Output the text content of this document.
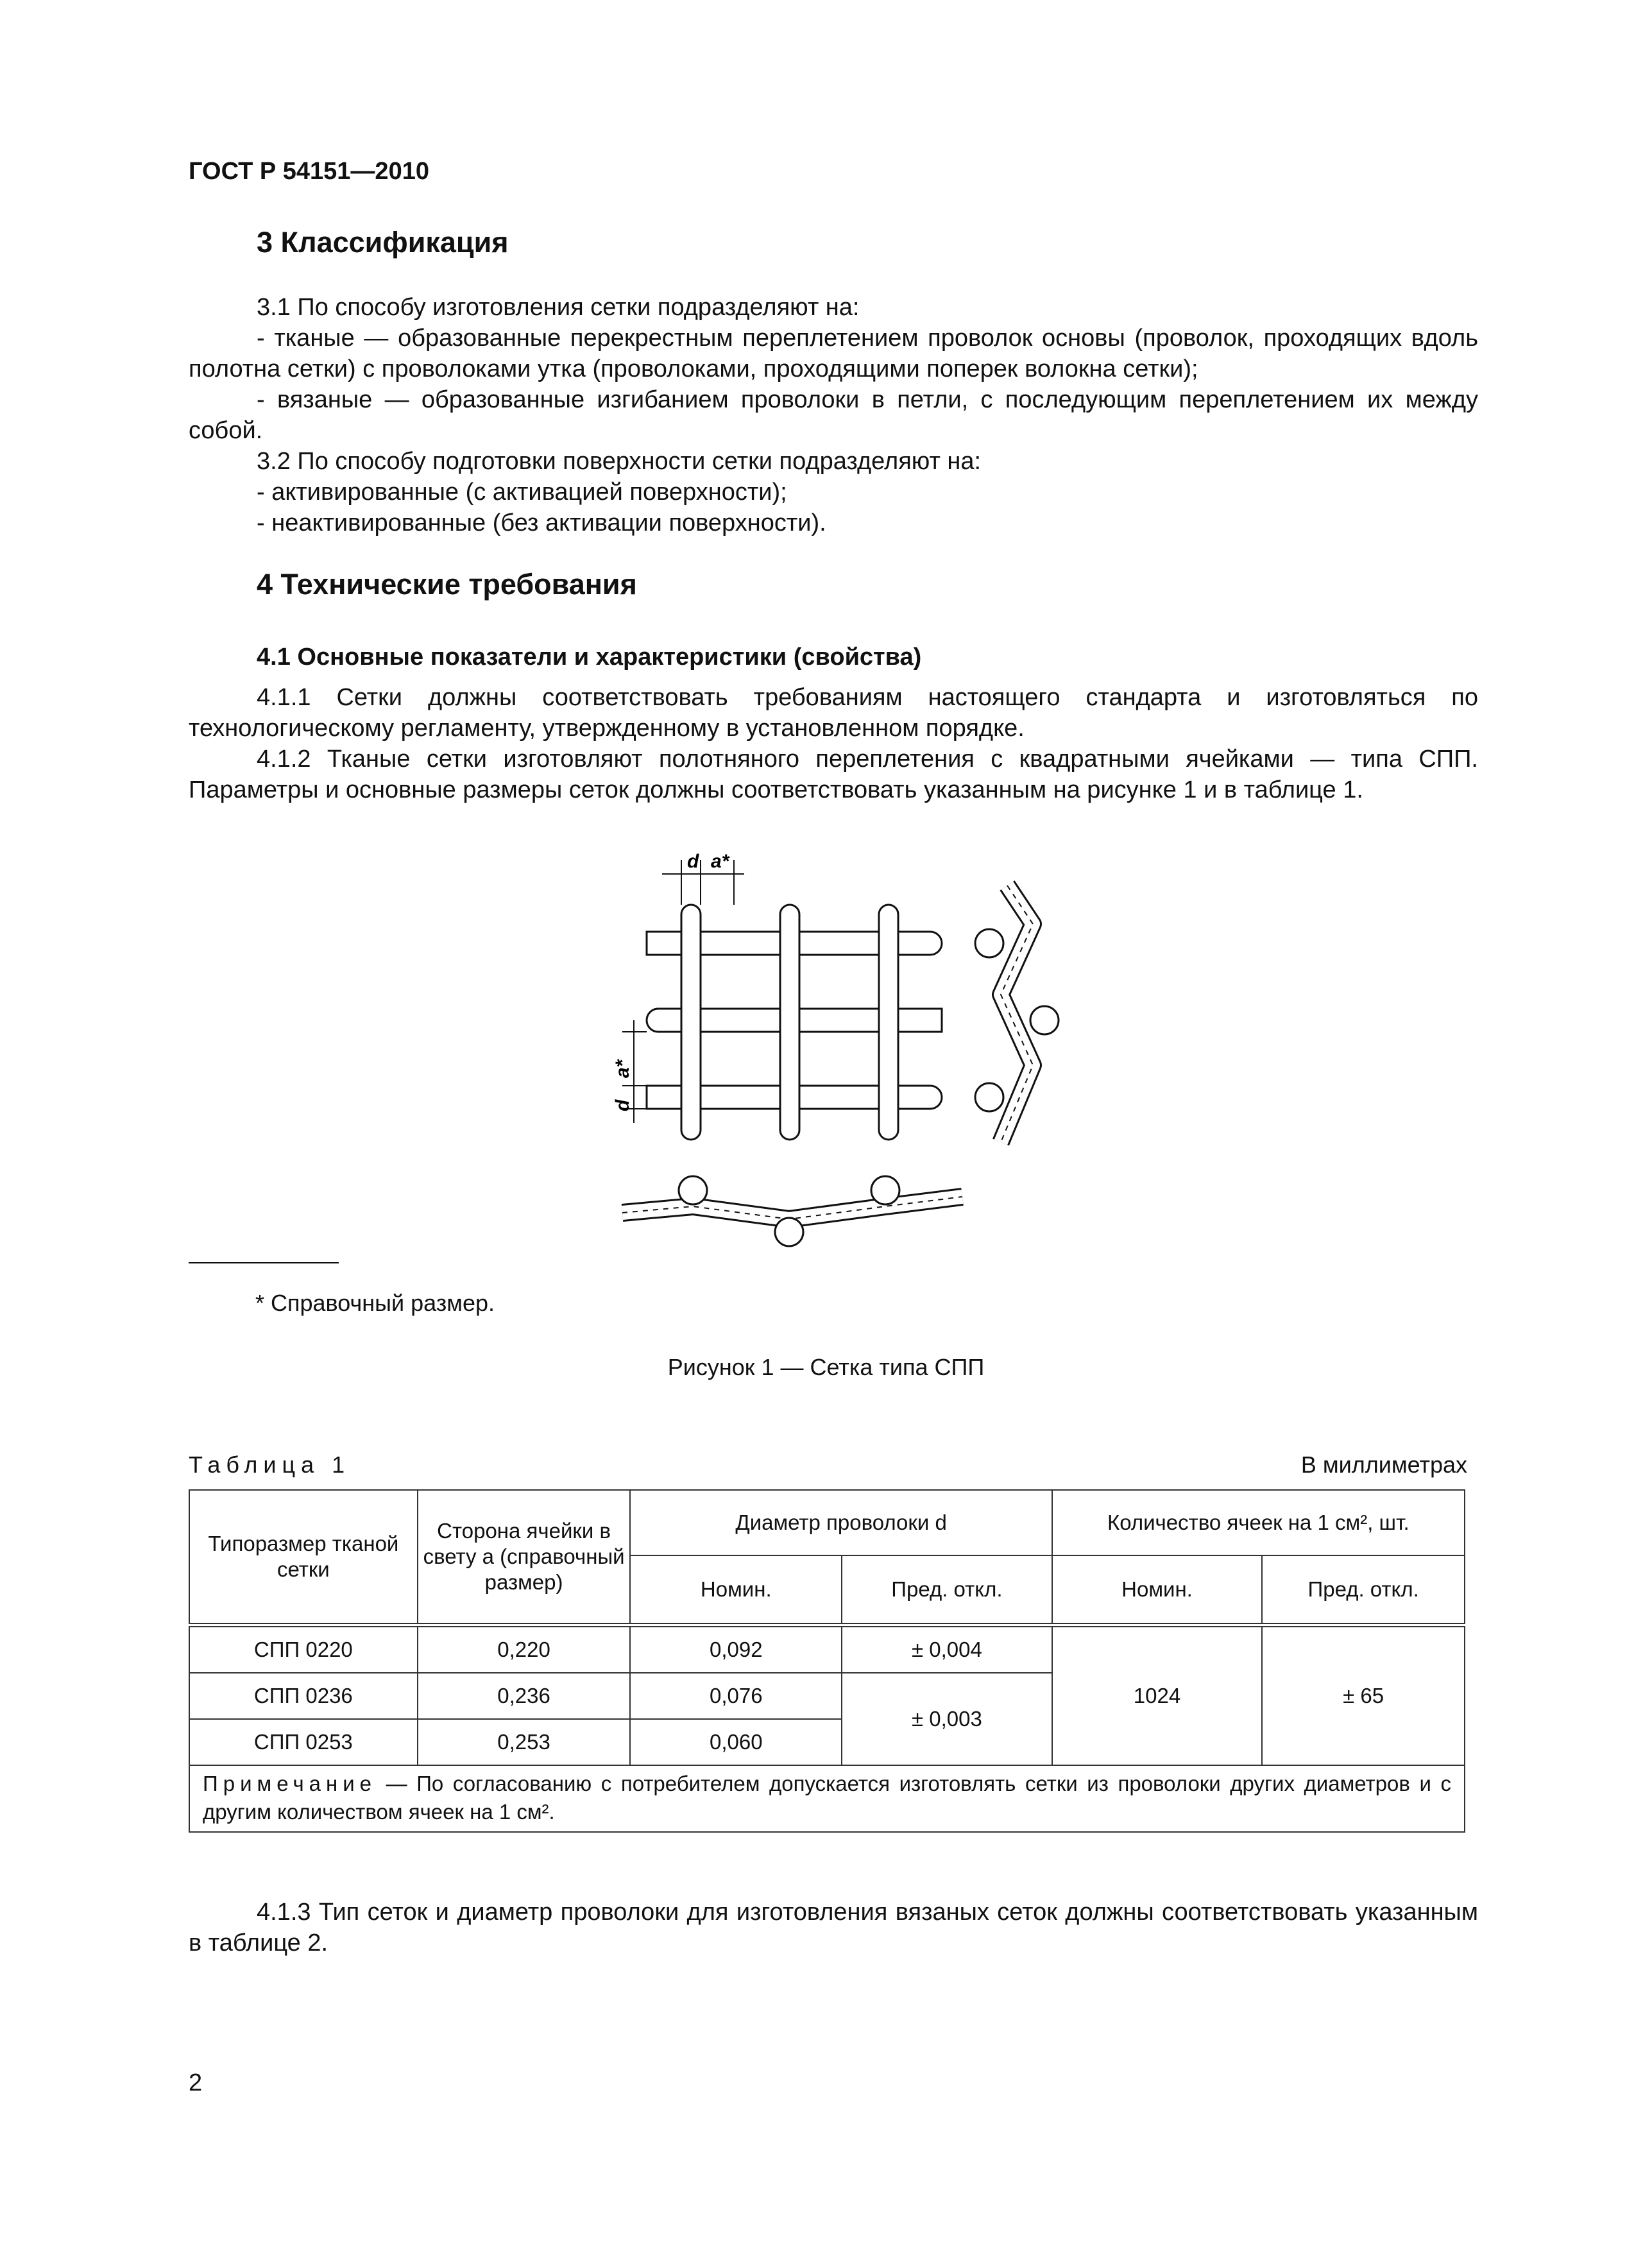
ГОСТ Р 54151—2010
3 Классификация

3.1 По способу изготовления сетки подразделяют на:

- тканые — образованные перекрестным переплетением проволок основы (проволок, проходящих вдоль полотна сетки) с проволоками утка (проволоками, проходящими поперек волокна сетки);

- вязаные — образованные изгибанием проволоки в петли, с последующим переплетением их между собой.

3.2 По способу подготовки поверхности сетки подразделяют на:

- активированные (с активацией поверхности);

- неактивированные (без активации поверхности).

4 Технические требования
4.1 Основные показатели и характеристики (свойства)

4.1.1 Сетки должны соответствовать требованиям настоящего стандарта и изготовляться по технологическому регламенту, утвержденному в установленном порядке.

4.1.2 Тканые сетки изготовляют полотняного переплетения с квадратными ячейками — типа СПП. Параметры и основные размеры сеток должны соответствовать указанным на рисунке 1 и в таблице 1.

d a*
a*
d
* Справочный размер.
Рисунок 1 — Сетка типа СПП
Таблица 1	В миллиметрах
Типоразмер тканой сетки	Сторона ячейки в свету a (справочный размер)	Диаметр проволоки d		Количество ячеек на 1 см², шт.	
		Номин.	Пред. откл.	Номин.	Пред. откл.
СПП 0220	0,220	0,092	± 0,004	1024	± 65
СПП 0236	0,236	0,076	± 0,003		
СПП 0253	0,253	0,060			
Примечание — По согласованию с потребителем допускается изготовлять сетки из проволоки других диаметров и с другим количеством ячеек на 1 см².					

4.1.3 Тип сеток и диаметр проволоки для изготовления вязаных сеток должны соответствовать указанным в таблице 2.

2
